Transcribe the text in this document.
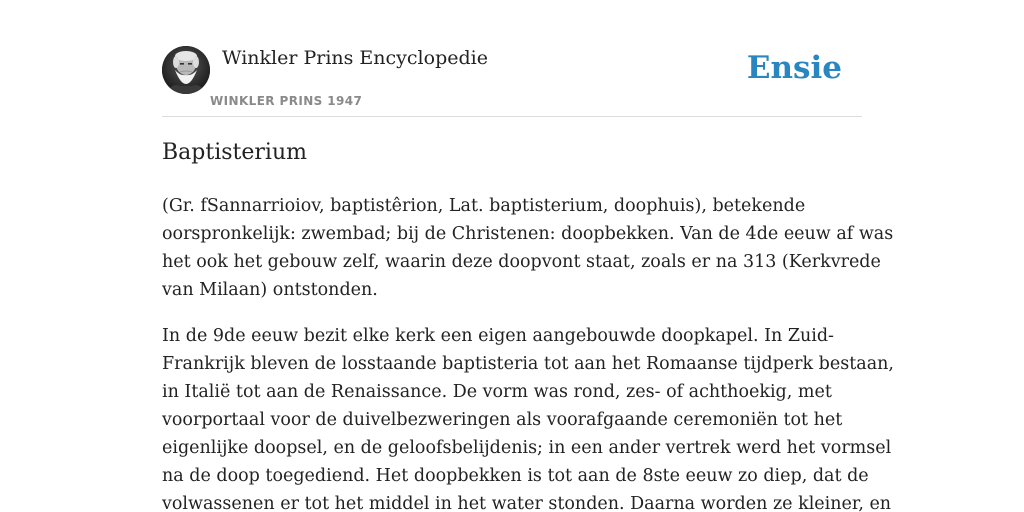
Winkler Prins Encyclopedie
WINKLER PRINS 1947
Ensie
Baptisterium

(Gr. fSannarrioiov, baptistêrion, Lat. baptisterium, doophuis), betekende
oorspronkelijk: zwembad; bij de Christenen: doopbekken. Van de 4de eeuw af was
het ook het gebouw zelf, waarin deze doopvont staat, zoals er na 313 (Kerkvrede
van Milaan) ontstonden.

In de 9de eeuw bezit elke kerk een eigen aangebouwde doopkapel. In Zuid-
Frankrijk bleven de losstaande baptisteria tot aan het Romaanse tijdperk bestaan,
in Italië tot aan de Renaissance. De vorm was rond, zes- of achthoekig, met
voorportaal voor de duivelbezweringen als voorafgaande ceremoniën tot het
eigenlijke doopsel, en de geloofsbelijdenis; in een ander vertrek werd het vormsel
na de doop toegediend. Het doopbekken is tot aan de 8ste eeuw zo diep, dat de
volwassenen er tot het middel in het water stonden. Daarna worden ze kleiner, en
